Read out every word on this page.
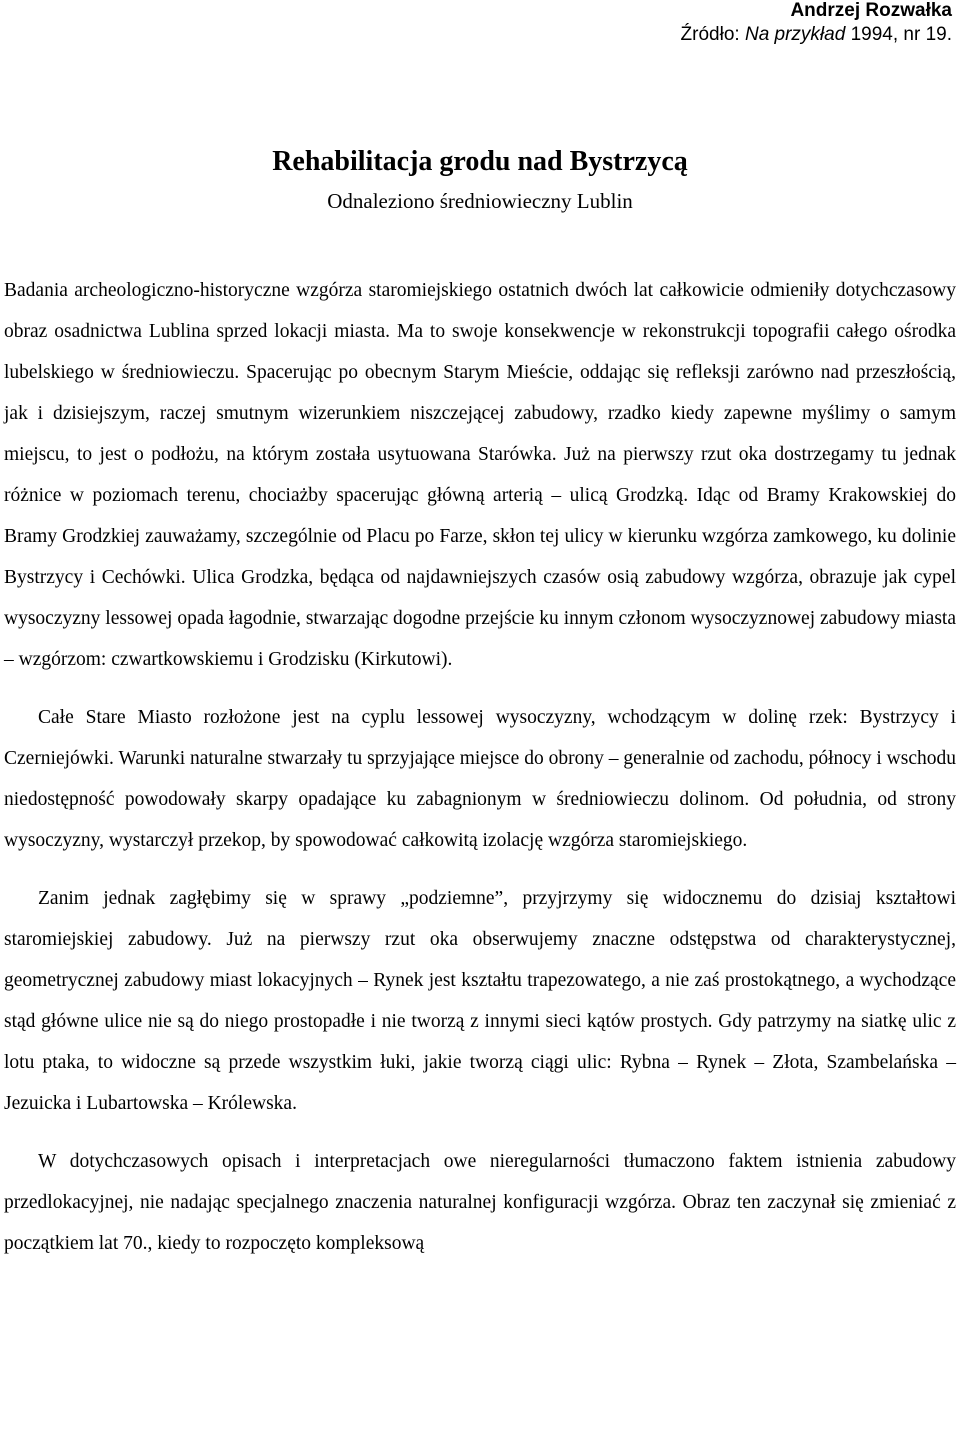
Andrzej Rozwałka
Źródło: Na przykład 1994, nr 19.
Rehabilitacja grodu nad Bystrzycą
Odnaleziono średniowieczny Lublin

Badania archeologiczno-historyczne wzgórza staromiejskiego ostatnich dwóch lat całkowicie odmieniły dotychczasowy obraz osadnictwa Lublina sprzed lokacji miasta. Ma to swoje konsekwencje w rekonstrukcji topografii całego ośrodka lubelskiego w średniowieczu. Spacerując po obecnym Starym Mieście, oddając się refleksji zarówno nad przeszłością, jak i dzisiejszym, raczej smutnym wizerunkiem niszczejącej zabudowy, rzadko kiedy zapewne myślimy o samym miejscu, to jest o podłożu, na którym została usytuowana Starówka. Już na pierwszy rzut oka dostrzegamy tu jednak różnice w poziomach terenu, chociażby spacerując główną arterią – ulicą Grodzką. Idąc od Bramy Krakowskiej do Bramy Grodzkiej zauważamy, szczególnie od Placu po Farze, skłon tej ulicy w kierunku wzgórza zamkowego, ku dolinie Bystrzycy i Cechówki. Ulica Grodzka, będąca od najdawniejszych czasów osią zabudowy wzgórza, obrazuje jak cypel wysoczyzny lessowej opada łagodnie, stwarzając dogodne przejście ku innym członom wysoczyznowej zabudowy miasta – wzgórzom: czwartkowskiemu i Grodzisku (Kirkutowi).

Całe Stare Miasto rozłożone jest na cyplu lessowej wysoczyzny, wchodzącym w dolinę rzek: Bystrzycy i Czerniejówki. Warunki naturalne stwarzały tu sprzyjające miejsce do obrony – generalnie od zachodu, północy i wschodu niedostępność powodowały skarpy opadające ku zabagnionym w średniowieczu dolinom. Od południa, od strony wysoczyzny, wystarczył przekop, by spowodować całkowitą izolację wzgórza staromiejskiego.

Zanim jednak zagłębimy się w sprawy „podziemne”, przyjrzymy się widocznemu do dzisiaj kształtowi staromiejskiej zabudowy. Już na pierwszy rzut oka obserwujemy znaczne odstępstwa od charakterystycznej, geometrycznej zabudowy miast lokacyjnych – Rynek jest kształtu trapezowatego, a nie zaś prostokątnego, a wychodzące stąd główne ulice nie są do niego prostopadłe i nie tworzą z innymi sieci kątów prostych. Gdy patrzymy na siatkę ulic z lotu ptaka, to widoczne są przede wszystkim łuki, jakie tworzą ciągi ulic: Rybna – Rynek – Złota, Szambelańska – Jezuicka i Lubartowska – Królewska.

W dotychczasowych opisach i interpretacjach owe nieregularności tłumaczono faktem istnienia zabudowy przedlokacyjnej, nie nadając specjalnego znaczenia naturalnej konfiguracji wzgórza. Obraz ten zaczynał się zmieniać z początkiem lat 70., kiedy to rozpoczęto kompleksową
